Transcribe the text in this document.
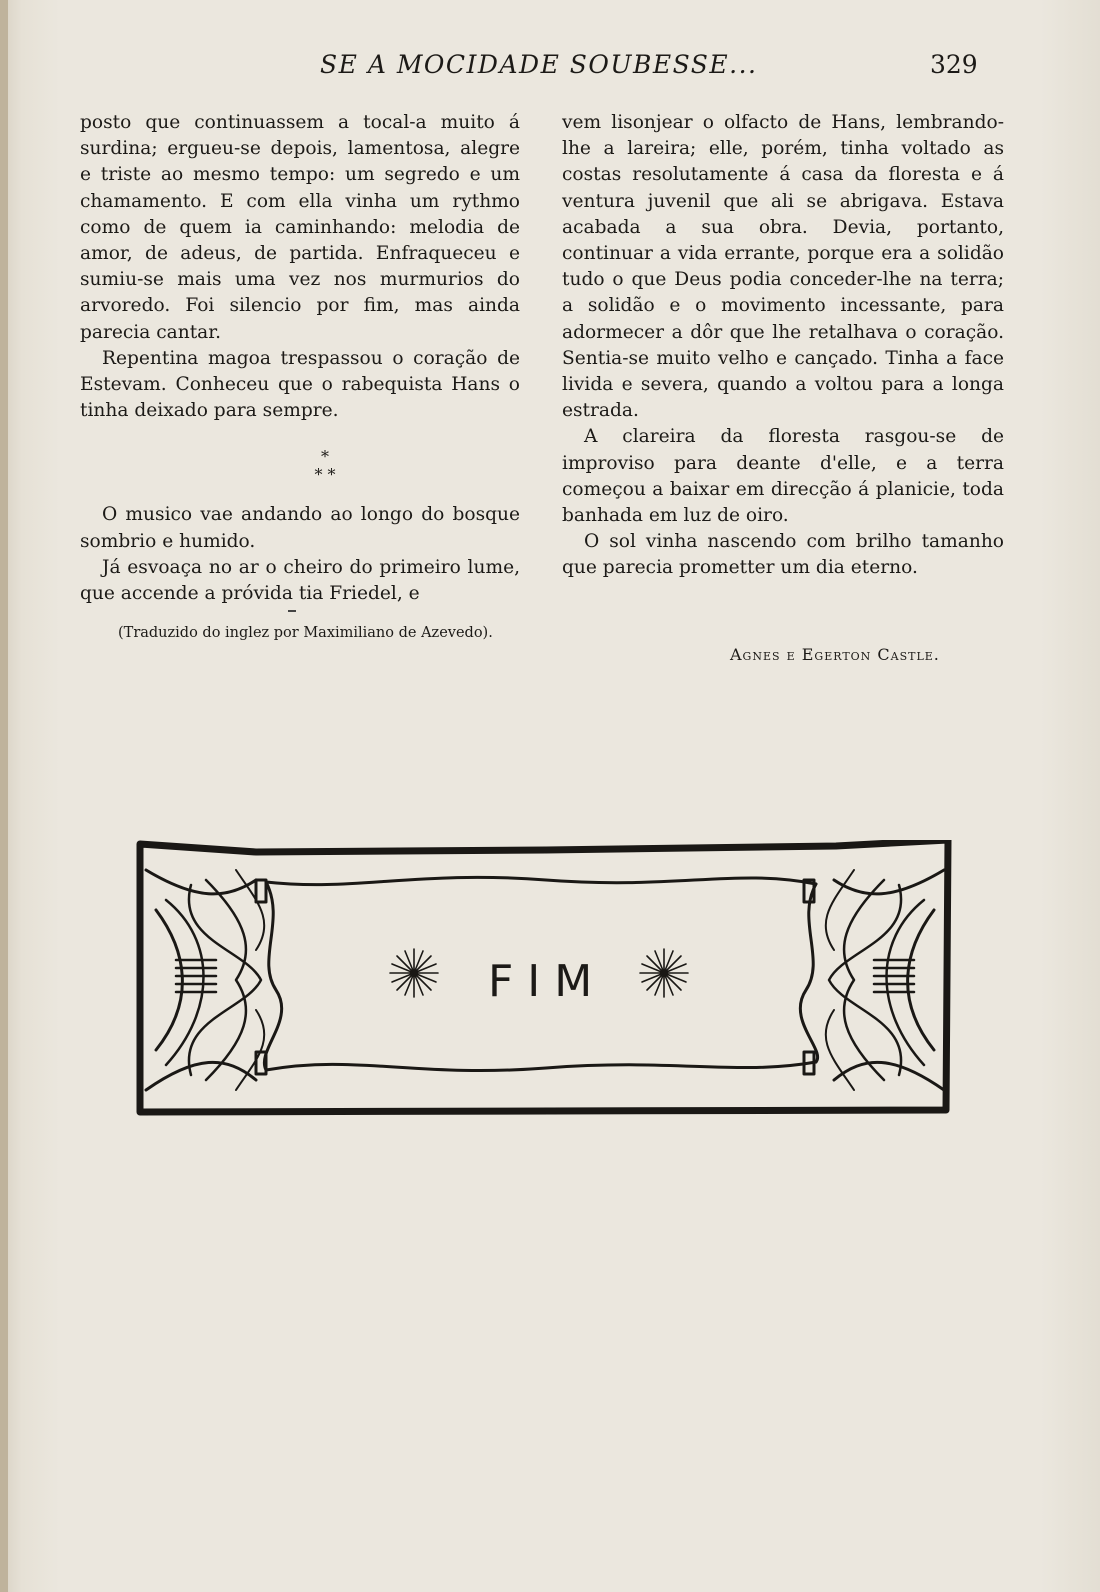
SE A MOCIDADE SOUBESSE...	329

posto que continuassem a tocal-a muito á surdina; ergueu-se depois, lamentosa, alegre e triste ao mesmo tempo: um segredo e um chamamento. E com ella vinha um rythmo como de quem ia caminhando: melodia de amor, de adeus, de partida. Enfraqueceu e sumiu-se mais uma vez nos murmurios do arvoredo. Foi silencio por fim, mas ainda parecia cantar.

Repentina magoa trespassou o coração de Estevam. Conheceu que o rabequista Hans o tinha deixado para sempre.

*
* *

O musico vae andando ao longo do bosque sombrio e humido.

Já esvoaça no ar o cheiro do primeiro lume, que accende a próvida tia Friedel, e

vem lisonjear o olfacto de Hans, lembrando-lhe a lareira; elle, porém, tinha voltado as costas resolutamente á casa da floresta e á ventura juvenil que ali se abrigava. Estava acabada a sua obra. Devia, portanto, continuar a vida errante, porque era a solidão tudo o que Deus podia conceder-lhe na terra; a solidão e o movimento incessante, para adormecer a dôr que lhe retalhava o coração. Sentia-se muito velho e cançado. Tinha a face livida e severa, quando a voltou para a longa estrada.

A clareira da floresta rasgou-se de improviso para deante d'elle, e a terra começou a baixar em direcção á planicie, toda banhada em luz de oiro.

O sol vinha nascendo com brilho tamanho que parecia prometter um dia eterno.

(Traduzido do inglez por Maximiliano de Azevedo).
Agnes e Egerton Castle.
FIM
